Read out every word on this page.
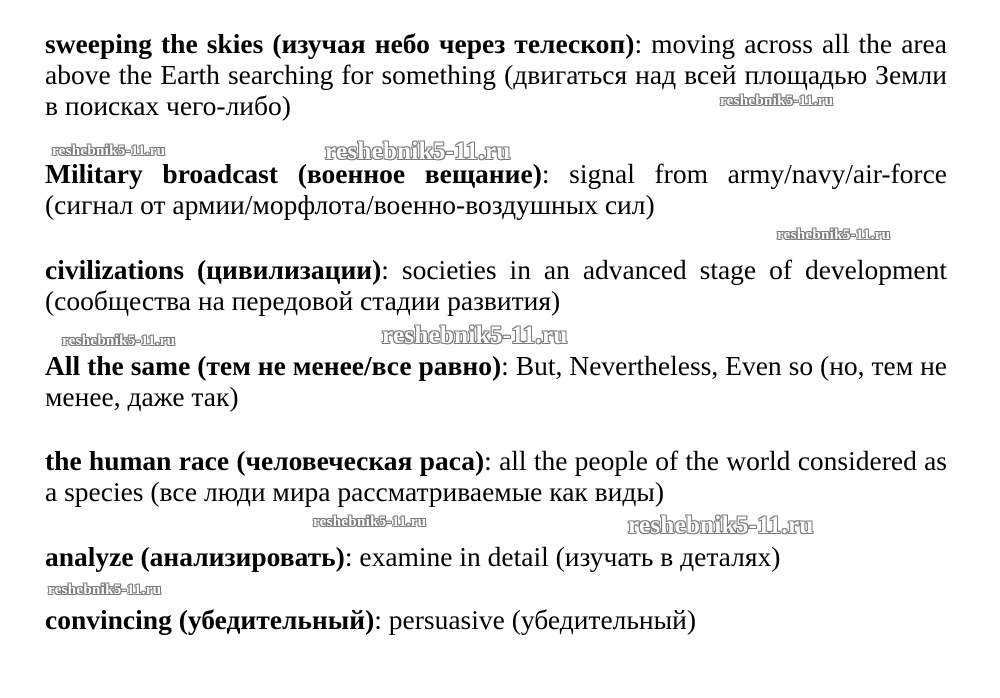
sweeping the skies (изучая небо через телескоп): moving across all the area above the Earth searching for something (двигаться над всей площадью Земли в поисках чего-либо)
Military broadcast (военное вещание): signal from army/navy/air-force (сигнал от армии/морфлота/военно-воздушных сил)
civilizations (цивилизации): societies in an advanced stage of development (сообщества на передовой стадии развития)
All the same (тем не менее/все равно): But, Nevertheless, Even so (но, тем не менее, даже так)
the human race (человеческая раса): all the people of the world considered as a species (все люди мира рассматриваемые как виды)
analyze (анализировать): examine in detail (изучать в деталях)
convincing (убедительный): persuasive (убедительный)
reshebnik5-11.ru
reshebnik5-11.ru	reshebnik5-11.ru
reshebnik5-11.ru
reshebnik5-11.ru	reshebnik5-11.ru
reshebnik5-11.ru	reshebnik5-11.ru
reshebnik5-11.ru
